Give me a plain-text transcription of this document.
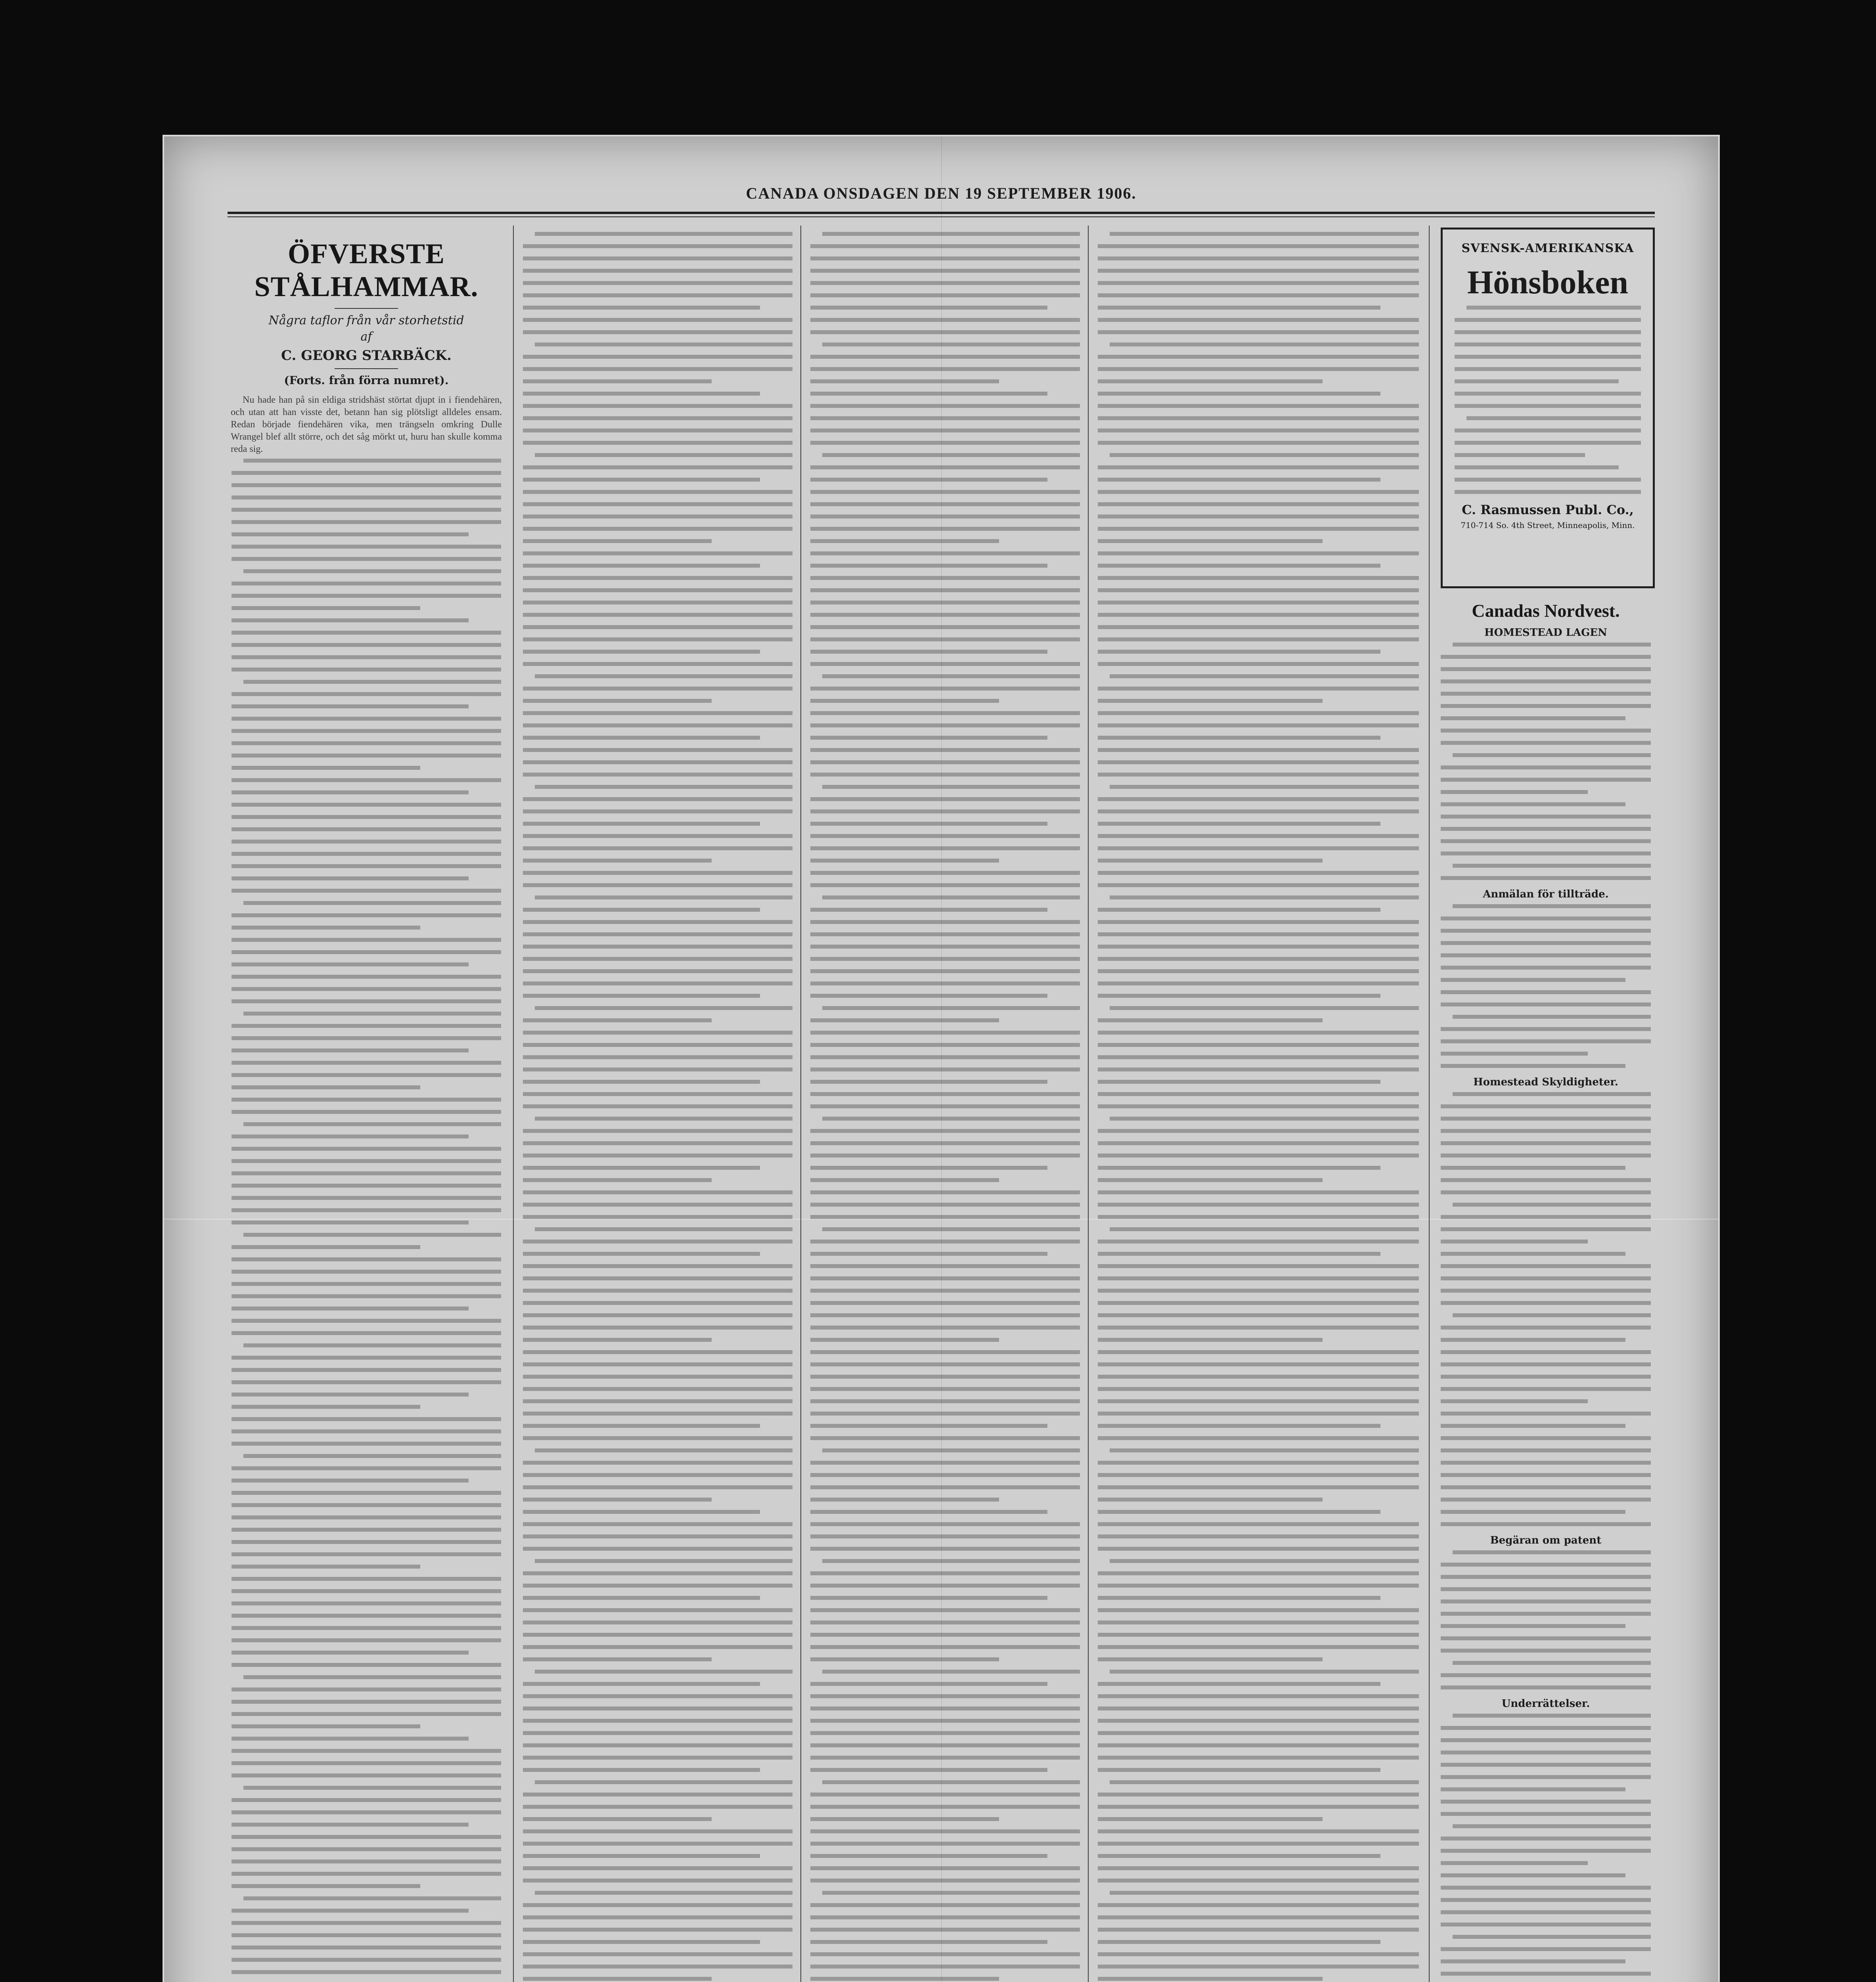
CANADA ONSDAGEN DEN 19 SEPTEMBER 1906.
ÖFVERSTE STÅLHAMMAR.
Några taflor från vår storhetstid
af
C. GEORG STARBÄCK.
(Forts. från förra numret).
Nu hade han på sin eldiga stridshäst störtat djupt in i fiendehären, och utan att han visste det, betann han sig plötsligt alldeles ensam. Redan började fiendehären vika, men trängseln omkring Dulle Wrangel blef allt större, och det såg mörkt ut, huru han skulle komma reda sig.
SVENSK-AMERIKANSKA
Hönsboken
C. Rasmussen Publ. Co.,
710-714 So. 4th Street, Minneapolis, Minn.
Canadas Nordvest.
HOMESTEAD LAGEN
Anmälan för tillträde.
Homestead Skyldigheter.
Begäran om patent
Underrättelser.
